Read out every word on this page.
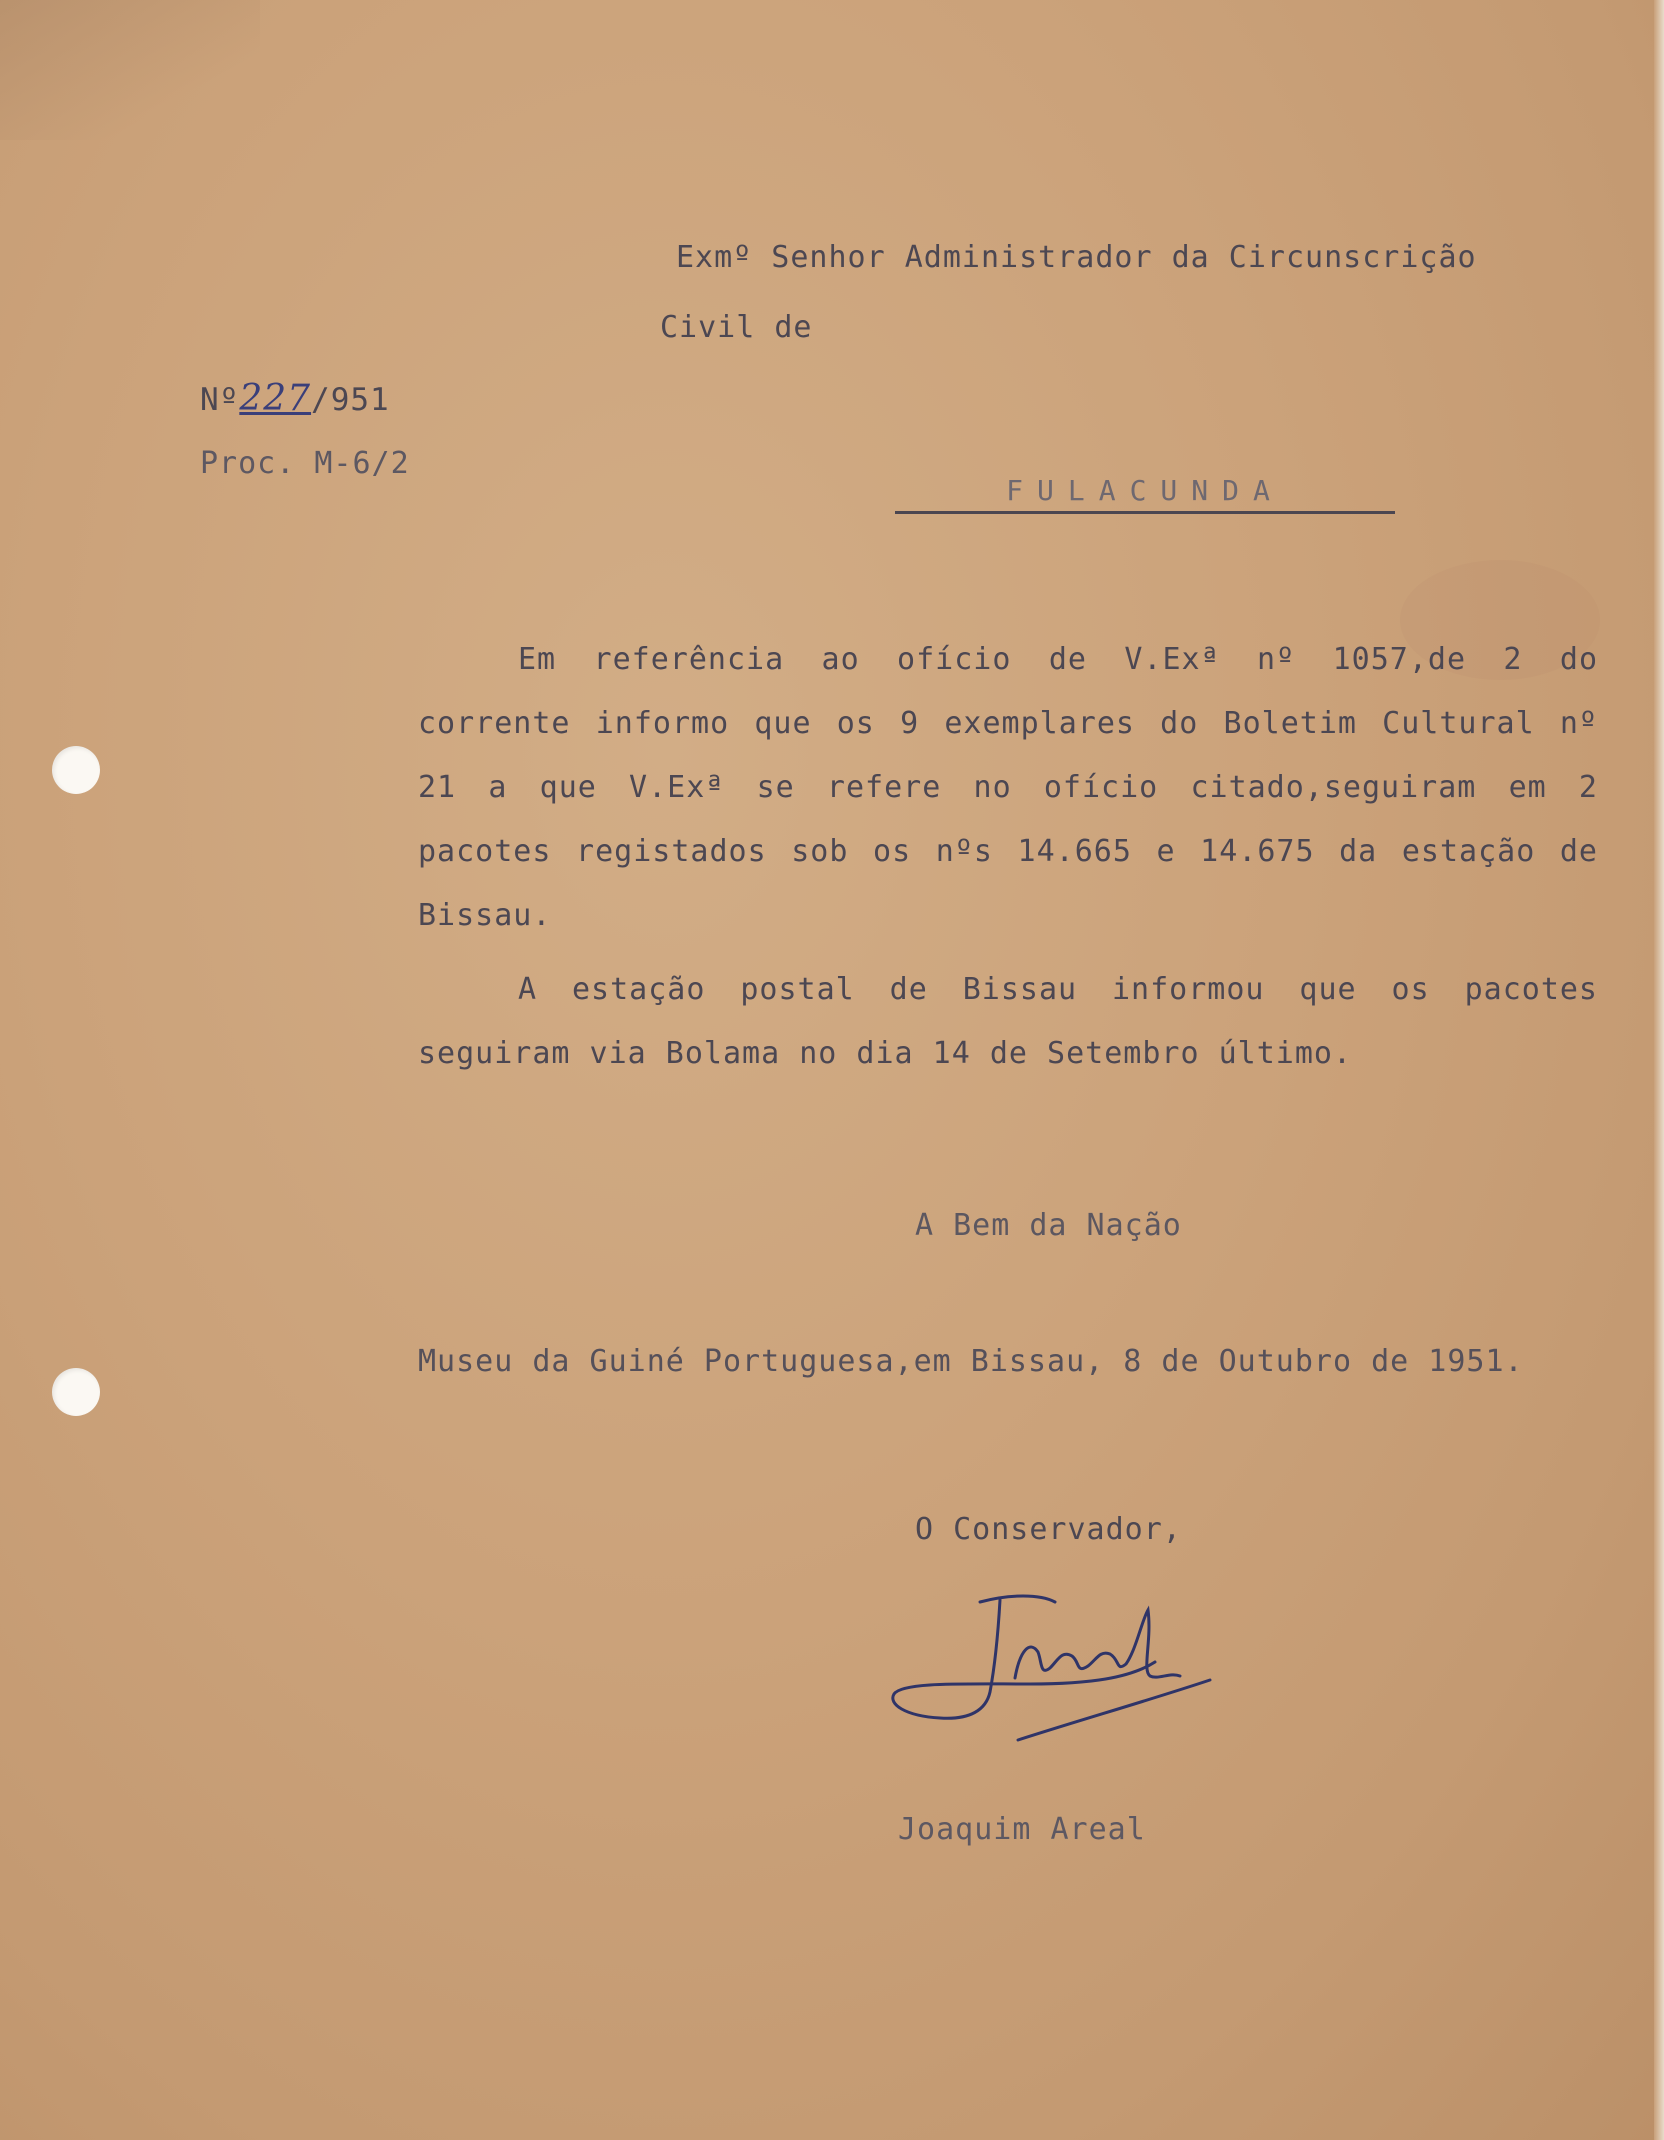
Exmº Senhor Administrador da Circunscrição
Civil de
Nº227/951
Proc. M-6/2
FULACUNDA

Em referência ao ofício de V.Exª nº 1057,de 2 do corrente informo que os 9 exemplares do Boletim Cultural nº 21 a que V.Exª se refere no ofício citado,seguiram em 2 pacotes registados sob os nºs 14.665 e 14.675 da estação de Bissau.

A estação postal de Bissau informou que os pacotes seguiram via Bolama no dia 14 de Setembro último.

A Bem da Nação
Museu da Guiné Portuguesa,em Bissau, 8 de Outubro de 1951.
O Conservador,
Joaquim Areal
